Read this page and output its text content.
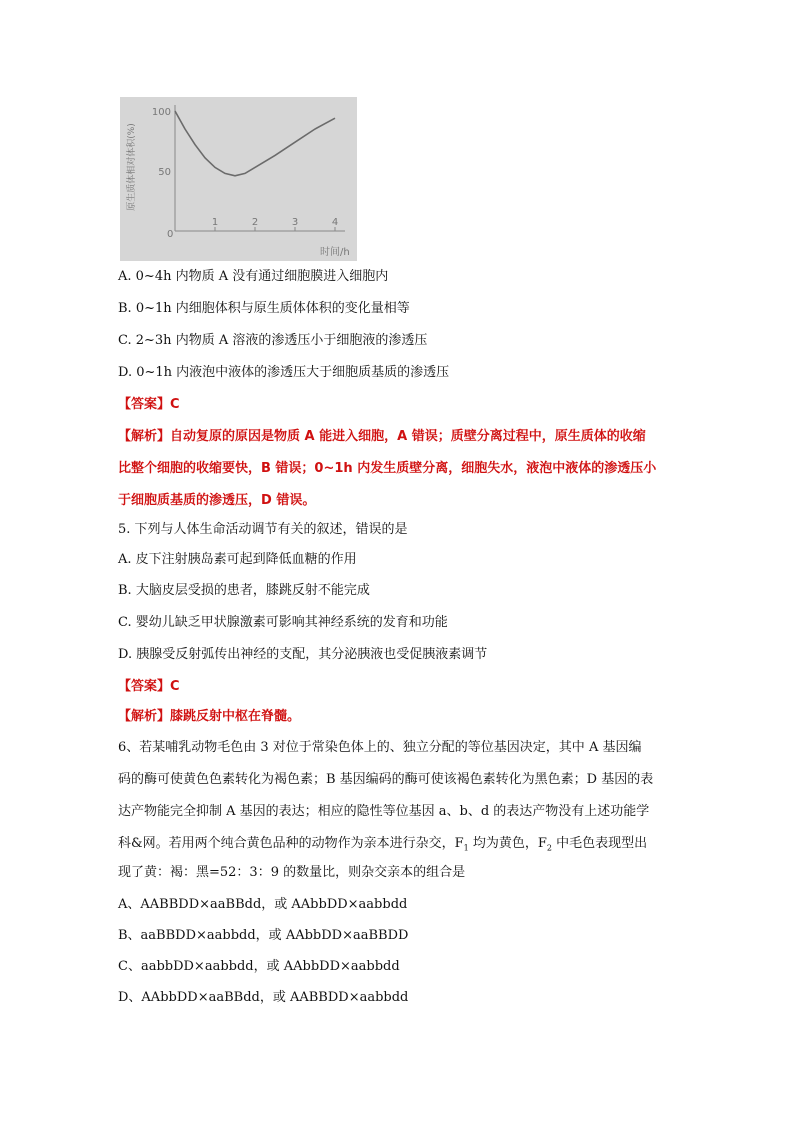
原生质体相对体积(%)
0
时间/h
100
50
1	2	3	4
A. 0~4h 内物质 A 没有通过细胞膜进入细胞内
B. 0~1h 内细胞体积与原生质体体积的变化量相等
C. 2~3h 内物质 A 溶液的渗透压小于细胞液的渗透压
D. 0~1h 内液泡中液体的渗透压大于细胞质基质的渗透压
【答案】C
【解析】自动复原的原因是物质 A 能进入细胞，A 错误；质壁分离过程中，原生质体的收缩
比整个细胞的收缩要快，B 错误；0~1h 内发生质壁分离，细胞失水，液泡中液体的渗透压小
于细胞质基质的渗透压，D 错误。
5. 下列与人体生命活动调节有关的叙述，错误的是
A. 皮下注射胰岛素可起到降低血糖的作用
B. 大脑皮层受损的患者，膝跳反射不能完成
C. 婴幼儿缺乏甲状腺激素可影响其神经系统的发育和功能
D. 胰腺受反射弧传出神经的支配，其分泌胰液也受促胰液素调节
【答案】C
【解析】膝跳反射中枢在脊髓。
6、若某哺乳动物毛色由 3 对位于常染色体上的、独立分配的等位基因决定，其中 A 基因编
码的酶可使黄色色素转化为褐色素；B 基因编码的酶可使该褐色素转化为黑色素；D 基因的表
达产物能完全抑制 A 基因的表达；相应的隐性等位基因 a、b、d 的表达产物没有上述功能学
科&网。若用两个纯合黄色品种的动物作为亲本进行杂交，$F_1$ 均为黄色，$F_2$ 中毛色表现型出
现了黄：褐：黑=52：3：9 的数量比，则杂交亲本的组合是
A、AABBDD×aaBBdd，或 AAbbDD×aabbdd
B、aaBBDD×aabbdd，或 AAbbDD×aaBBDD
C、aabbDD×aabbdd，或 AAbbDD×aabbdd
D、AAbbDD×aaBBdd，或 AABBDD×aabbdd
